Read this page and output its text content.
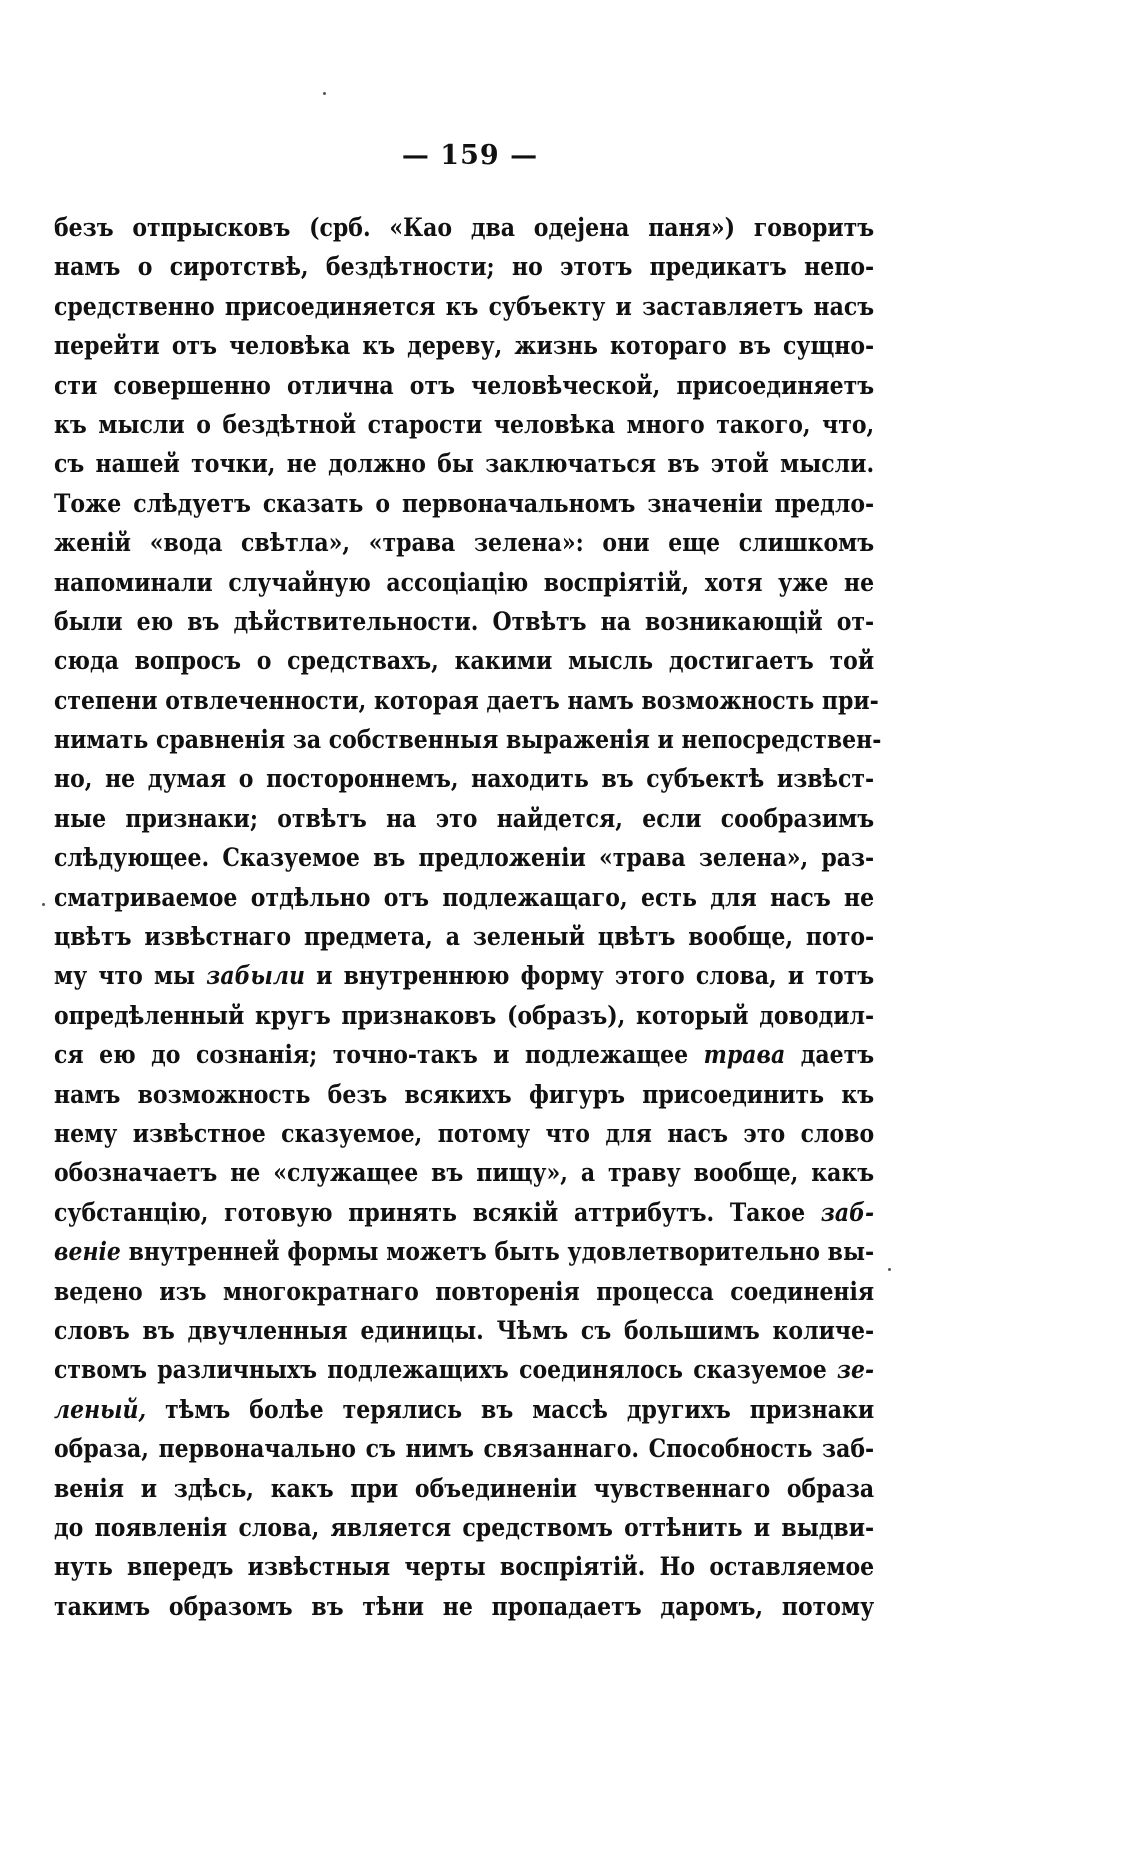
— 159 —
безъ отпрысковъ (срб. «Као два одејена паня») говоритъ
намъ о сиротствѣ, бездѣтности; но этотъ предикатъ непо-
средственно присоединяется къ субъекту и заставляетъ насъ
перейти отъ человѣка къ дереву, жизнь котораго въ сущно-
сти совершенно отлична отъ человѣческой, присоединяетъ
къ мысли о бездѣтной старости человѣка много такого, что,
съ нашей точки, не должно бы заключаться въ этой мысли.
Тоже слѣдуетъ сказать о первоначальномъ значеніи предло-
женій «вода свѣтла», «трава зелена»: они еще слишкомъ
напоминали случайную ассоціацію воспріятій, хотя уже не
были ею въ дѣйствительности. Отвѣтъ на возникающій от-
сюда вопросъ о средствахъ, какими мысль достигаетъ той
степени отвлеченности, которая даетъ намъ возможность при-
нимать сравненія за собственныя выраженія и непосредствен-
но, не думая о постороннемъ, находить въ субъектѣ извѣст-
ные признаки; отвѣтъ на это найдется, если сообразимъ
слѣдующее. Сказуемое въ предложеніи «трава зелена», раз-
сматриваемое отдѣльно отъ подлежащаго, есть для насъ не
цвѣтъ извѣстнаго предмета, а зеленый цвѣтъ вообще, пото-
му что мы забыли и внутреннюю форму этого слова, и тотъ
опредѣленный кругъ признаковъ (образъ), который доводил-
ся ею до сознанія; точно-такъ и подлежащее трава даетъ
намъ возможность безъ всякихъ фигуръ присоединить къ
нему извѣстное сказуемое, потому что для насъ это слово
обозначаетъ не «служащее въ пищу», а траву вообще, какъ
субстанцію, готовую принять всякій аттрибутъ. Такое заб-
веніе внутренней формы можетъ быть удовлетворительно вы-
ведено изъ многократнаго повторенія процесса соединенія
словъ въ двучленныя единицы. Чѣмъ съ большимъ количе-
ствомъ различныхъ подлежащихъ соединялось сказуемое зе-
леный, тѣмъ болѣе терялись въ массѣ другихъ признаки
образа, первоначально съ нимъ связаннаго. Способность заб-
венія и здѣсь, какъ при объединеніи чувственнаго образа
до появленія слова, является средствомъ оттѣнить и выдви-
нуть впередъ извѣстныя черты воспріятій. Но оставляемое
такимъ образомъ въ тѣни не пропадаетъ даромъ, потому
